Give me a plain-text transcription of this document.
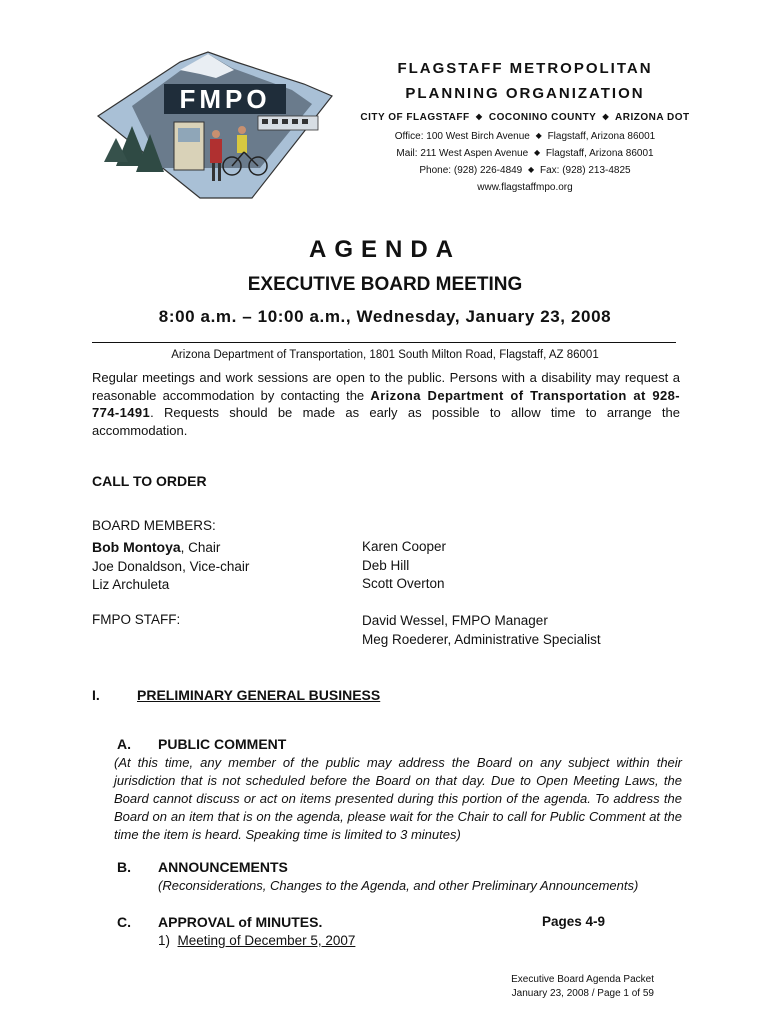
FMPO
FLAGSTAFF METROPOLITAN
PLANNING ORGANIZATION
CITY OF FLAGSTAFF ◆ COCONINO COUNTY ◆ ARIZONA DOT
Office: 100 West Birch Avenue ◆ Flagstaff, Arizona 86001
Mail: 211 West Aspen Avenue ◆ Flagstaff, Arizona 86001
Phone: (928) 226-4849 ◆ Fax: (928) 213-4825
www.flagstaffmpo.org
AGENDA
EXECUTIVE BOARD MEETING
8:00 a.m. – 10:00 a.m., Wednesday, January 23, 2008
Arizona Department of Transportation, 1801 South Milton Road, Flagstaff, AZ 86001
Regular meetings and work sessions are open to the public. Persons with a disability may request a reasonable accommodation by contacting the Arizona Department of Transportation at 928-774-1491. Requests should be made as early as possible to allow time to arrange the accommodation.
CALL TO ORDER
BOARD MEMBERS:
Bob Montoya, Chair
Joe Donaldson, Vice-chair
Liz Archuleta
Karen Cooper
Deb Hill
Scott Overton
FMPO STAFF:	David Wessel, FMPO Manager
Meg Roederer, Administrative Specialist
I.	PRELIMINARY GENERAL BUSINESS
A. PUBLIC COMMENT
(At this time, any member of the public may address the Board on any subject within their jurisdiction that is not scheduled before the Board on that day. Due to Open Meeting Laws, the Board cannot discuss or act on items presented during this portion of the agenda. To address the Board on an item that is on the agenda, please wait for the Chair to call for Public Comment at the time the item is heard. Speaking time is limited to 3 minutes)
B. ANNOUNCEMENTS
(Reconsiderations, Changes to the Agenda, and other Preliminary Announcements)
C. APPROVAL of MINUTES.	Pages 4-9
1) Meeting of December 5, 2007
Executive Board Agenda Packet
January 23, 2008 / Page 1 of 59
